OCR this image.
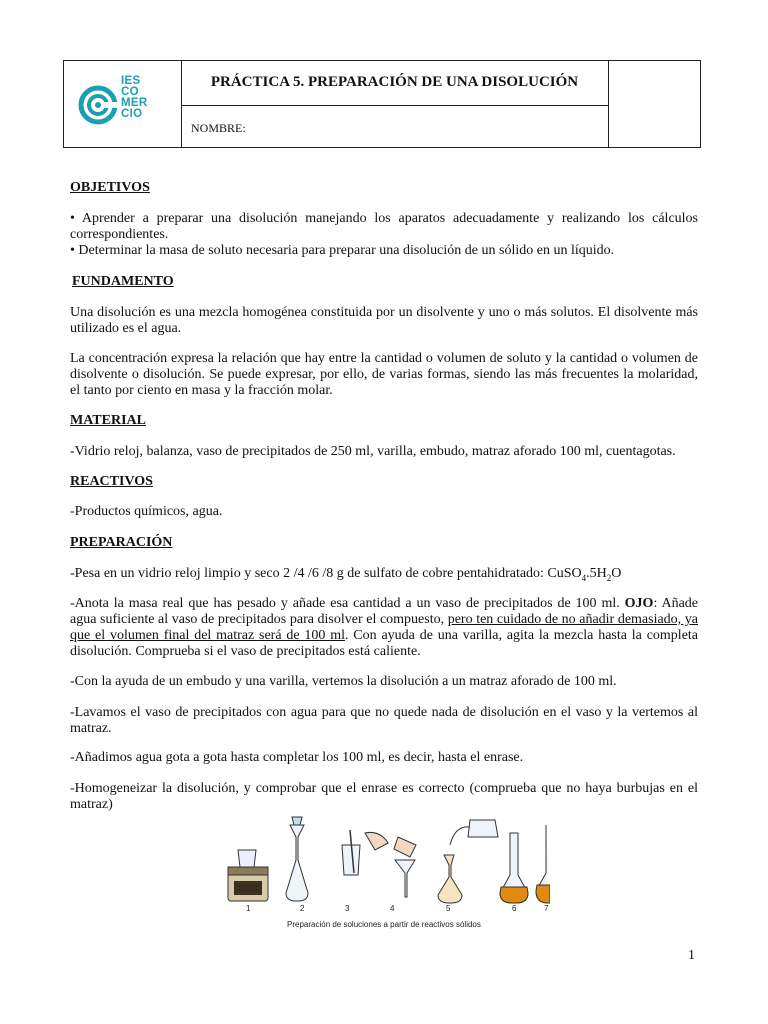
IES
CO
MER
CIO
PRÁCTICA 5. PREPARACIÓN DE UNA DISOLUCIÓN
NOMBRE:
OBJETIVOS
• Aprender a preparar una disolución manejando los aparatos adecuadamente y realizando los cálculos correspondientes.
• Determinar la masa de soluto necesaria para preparar una disolución de un sólido en un líquido.
FUNDAMENTO
Una disolución es una mezcla homogénea constituida por un disolvente y uno o más solutos. El disolvente más utilizado es el agua.
La concentración expresa la relación que hay entre la cantidad o volumen de soluto y la cantidad o volumen de disolvente o disolución. Se puede expresar, por ello, de varias formas, siendo las más frecuentes la molaridad, el tanto por ciento en masa y la fracción molar.
MATERIAL
-Vidrio reloj, balanza, vaso de precipitados de 250 ml, varilla, embudo, matraz aforado 100 ml, cuentagotas.
REACTIVOS
-Productos químicos, agua.
PREPARACIÓN
-Pesa en un vidrio reloj limpio y seco 2 /4 /6 /8 g de sulfato de cobre pentahidratado: $CuSO_4.5H_2O$
-Anota la masa real que has pesado y añade esa cantidad a un vaso de precipitados de 100 ml. OJO: Añade agua suficiente al vaso de precipitados para disolver el compuesto, pero ten cuidado de no añadir demasiado, ya que el volumen final del matraz será de 100 ml. Con ayuda de una varilla, agita la mezcla hasta la completa disolución. Comprueba si el vaso de precipitados está caliente.
-Con la ayuda de un embudo y una varilla, vertemos la disolución a un matraz aforado de 100 ml.
-Lavamos el vaso de precipitados con agua para que no quede nada de disolución en el vaso y la vertemos al matraz.
-Añadimos agua gota a gota hasta completar los 100 ml, es decir, hasta el enrase.
-Homogeneizar la disolución, y comprobar que el enrase es correcto (comprueba que no haya burbujas en el matraz)
1	2	3	4	5	6	7
Preparación de soluciones a partir de reactivos sólidos
1
